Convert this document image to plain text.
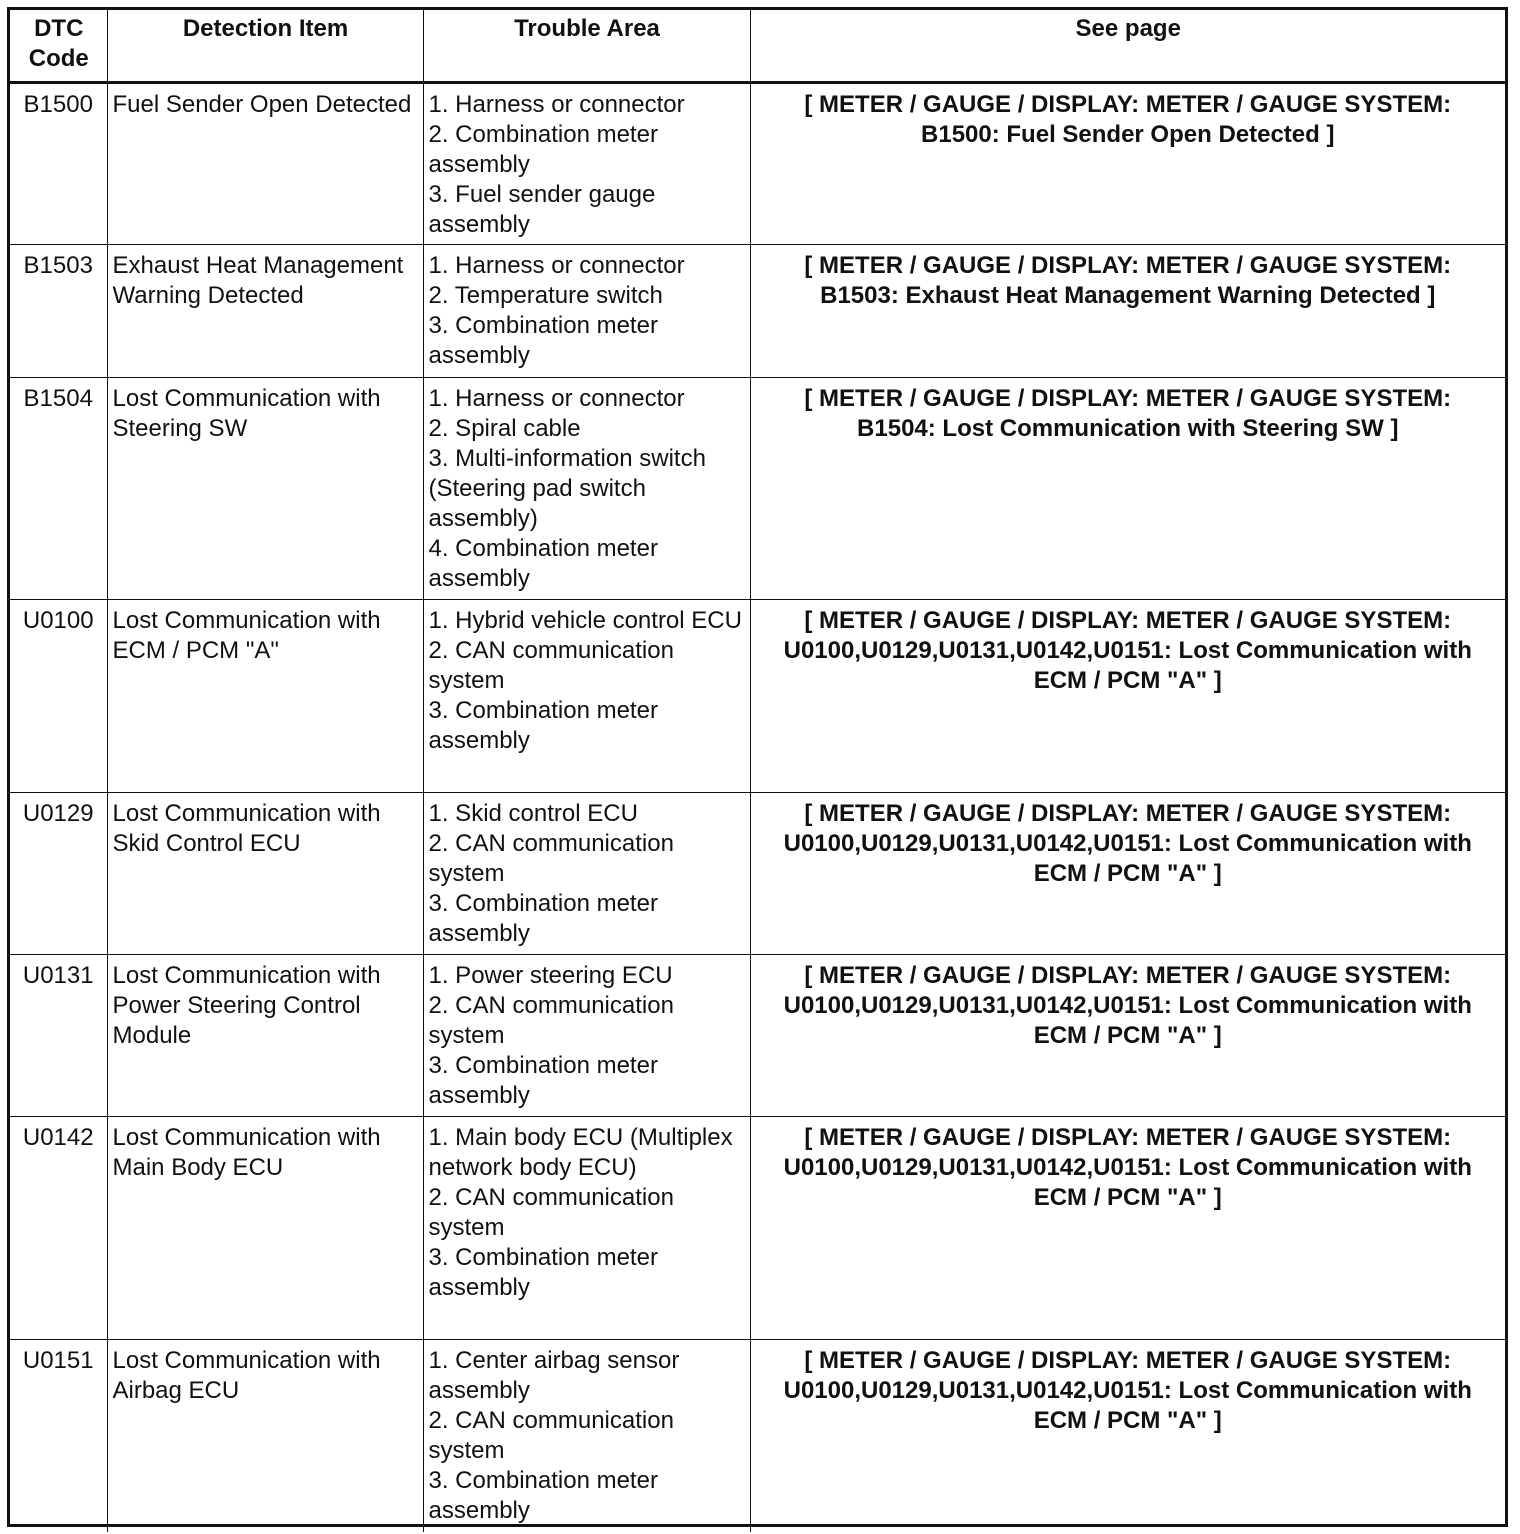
DTC Code	Detection Item	Trouble Area	See page
B1500	Fuel Sender Open Detected	1. Harness or connector
2. Combination meter assembly
3. Fuel sender gauge assembly	[ METER / GAUGE / DISPLAY: METER / GAUGE SYSTEM: B1500: Fuel Sender Open Detected ]
B1503	Exhaust Heat Management Warning Detected	1. Harness or connector
2. Temperature switch
3. Combination meter assembly	[ METER / GAUGE / DISPLAY: METER / GAUGE SYSTEM: B1503: Exhaust Heat Management Warning Detected ]
B1504	Lost Communication with Steering SW	1. Harness or connector
2. Spiral cable
3. Multi-information switch (Steering pad switch assembly)
4. Combination meter assembly	[ METER / GAUGE / DISPLAY: METER / GAUGE SYSTEM: B1504: Lost Communication with Steering SW ]
U0100	Lost Communication with ECM / PCM "A"	1. Hybrid vehicle control ECU
2. CAN communication system
3. Combination meter assembly	[ METER / GAUGE / DISPLAY: METER / GAUGE SYSTEM: U0100,U0129,U0131,U0142,U0151: Lost Communication with ECM / PCM "A" ]
U0129	Lost Communication with Skid Control ECU	1. Skid control ECU
2. CAN communication system
3. Combination meter assembly	[ METER / GAUGE / DISPLAY: METER / GAUGE SYSTEM: U0100,U0129,U0131,U0142,U0151: Lost Communication with ECM / PCM "A" ]
U0131	Lost Communication with Power Steering Control Module	1. Power steering ECU
2. CAN communication system
3. Combination meter assembly	[ METER / GAUGE / DISPLAY: METER / GAUGE SYSTEM: U0100,U0129,U0131,U0142,U0151: Lost Communication with ECM / PCM "A" ]
U0142	Lost Communication with Main Body ECU	1. Main body ECU (Multiplex network body ECU)
2. CAN communication system
3. Combination meter assembly	[ METER / GAUGE / DISPLAY: METER / GAUGE SYSTEM: U0100,U0129,U0131,U0142,U0151: Lost Communication with ECM / PCM "A" ]
U0151	Lost Communication with Airbag ECU	1. Center airbag sensor assembly
2. CAN communication system
3. Combination meter assembly	[ METER / GAUGE / DISPLAY: METER / GAUGE SYSTEM: U0100,U0129,U0131,U0142,U0151: Lost Communication with ECM / PCM "A" ]
